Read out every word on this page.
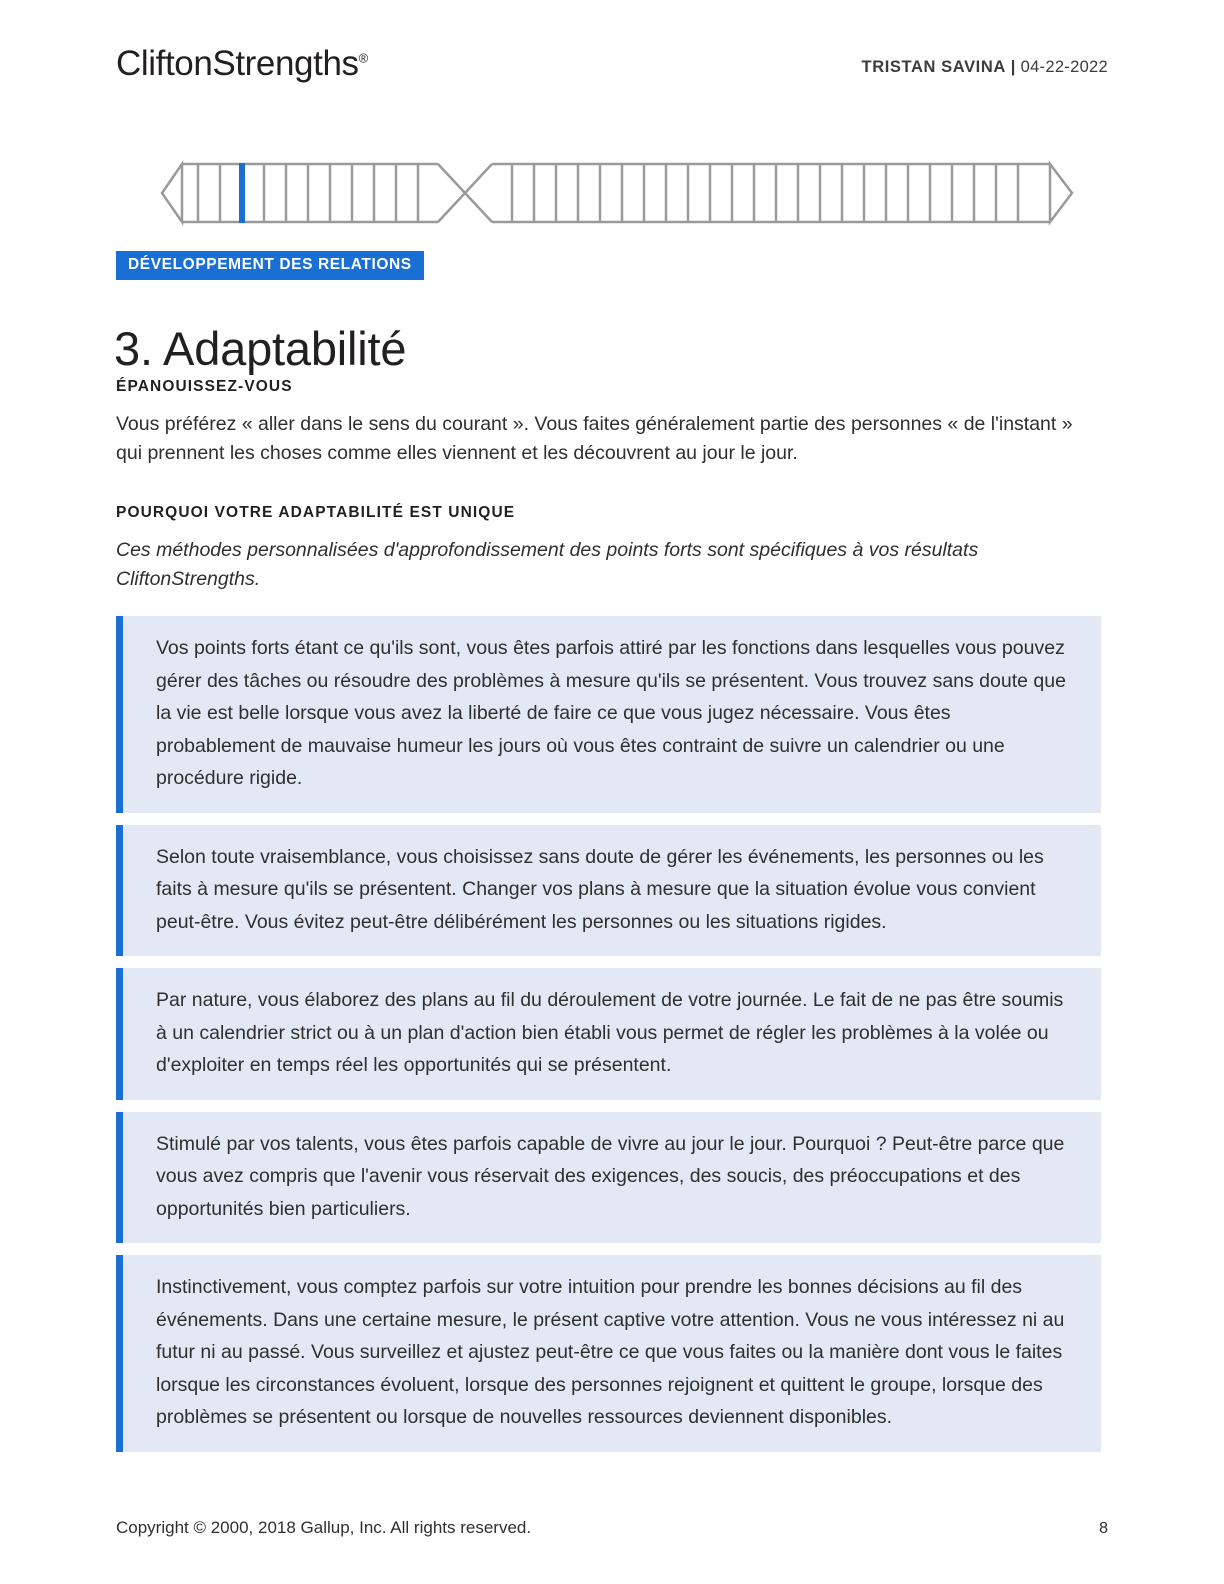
CliftonStrengths®
TRISTAN SAVINA | 04-22-2022
DÉVELOPPEMENT DES RELATIONS
3. Adaptabilité
ÉPANOUISSEZ-VOUS

Vous préférez « aller dans le sens du courant ». Vous faites généralement partie des personnes « de l'instant » qui prennent les choses comme elles viennent et les découvrent au jour le jour.

POURQUOI VOTRE ADAPTABILITÉ EST UNIQUE

Ces méthodes personnalisées d'approfondissement des points forts sont spécifiques à vos résultats CliftonStrengths.

Vos points forts étant ce qu'ils sont, vous êtes parfois attiré par les fonctions dans lesquelles vous pouvez gérer des tâches ou résoudre des problèmes à mesure qu'ils se présentent. Vous trouvez sans doute que la vie est belle lorsque vous avez la liberté de faire ce que vous jugez nécessaire. Vous êtes probablement de mauvaise humeur les jours où vous êtes contraint de suivre un calendrier ou une procédure rigide.
Selon toute vraisemblance, vous choisissez sans doute de gérer les événements, les personnes ou les faits à mesure qu'ils se présentent. Changer vos plans à mesure que la situation évolue vous convient peut-être. Vous évitez peut-être délibérément les personnes ou les situations rigides.
Par nature, vous élaborez des plans au fil du déroulement de votre journée. Le fait de ne pas être soumis à un calendrier strict ou à un plan d'action bien établi vous permet de régler les problèmes à la volée ou d'exploiter en temps réel les opportunités qui se présentent.
Stimulé par vos talents, vous êtes parfois capable de vivre au jour le jour. Pourquoi ? Peut-être parce que vous avez compris que l'avenir vous réservait des exigences, des soucis, des préoccupations et des opportunités bien particuliers.
Instinctivement, vous comptez parfois sur votre intuition pour prendre les bonnes décisions au fil des événements. Dans une certaine mesure, le présent captive votre attention. Vous ne vous intéressez ni au futur ni au passé. Vous surveillez et ajustez peut-être ce que vous faites ou la manière dont vous le faites lorsque les circonstances évoluent, lorsque des personnes rejoignent et quittent le groupe, lorsque des problèmes se présentent ou lorsque de nouvelles ressources deviennent disponibles.
Copyright © 2000, 2018 Gallup, Inc. All rights reserved.	8
